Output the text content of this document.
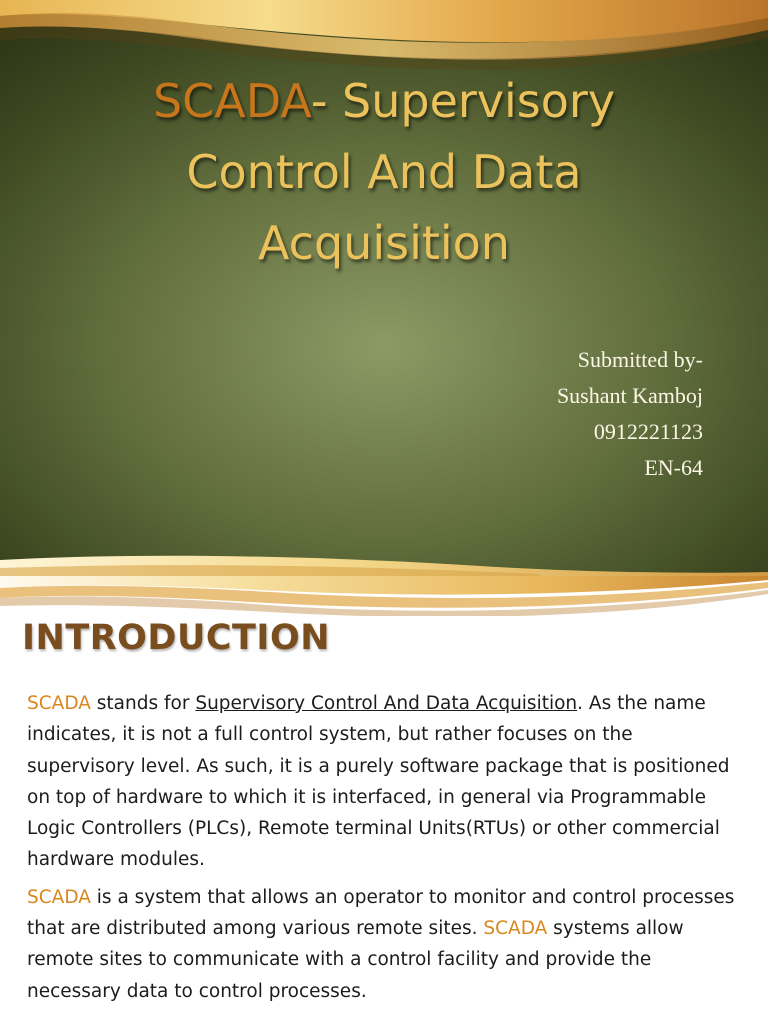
SCADA- Supervisory
Control And Data
Acquisition
Submitted by-
Sushant Kamboj
0912221123
EN-64
INTRODUCTION

SCADA stands for Supervisory Control And Data Acquisition. As the name indicates, it is not a full control system, but rather focuses on the supervisory level. As such, it is a purely software package that is positioned on top of hardware to which it is interfaced, in general via Programmable Logic Controllers (PLCs), Remote terminal Units(RTUs) or other commercial hardware modules.

SCADA is a system that allows an operator to monitor and control processes that are distributed among various remote sites. SCADA systems allow remote sites to communicate with a control facility and provide the necessary data to control processes.
